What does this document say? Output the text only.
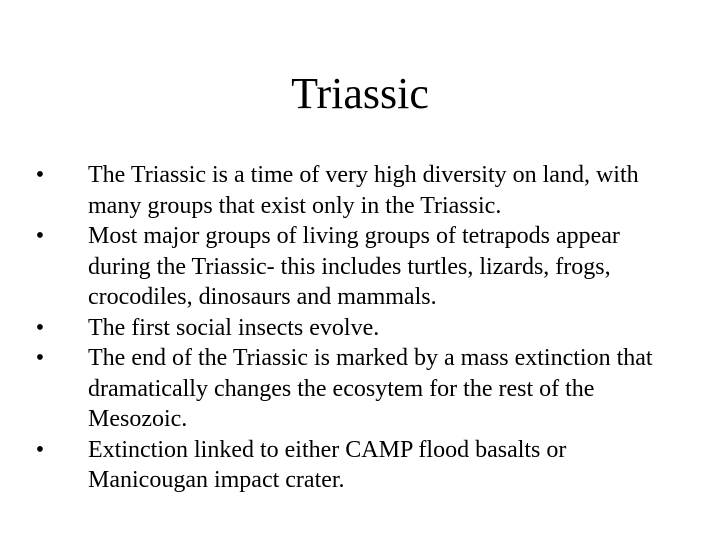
Triassic
• The Triassic is a time of very high diversity on land, with many groups that exist only in the Triassic.
• Most major groups of living groups of tetrapods appear during the Triassic- this includes turtles, lizards, frogs, crocodiles, dinosaurs and mammals.
• The first social insects evolve.
• The end of the Triassic is marked by a mass extinction that dramatically changes the ecosytem for the rest of the Mesozoic.
• Extinction linked to either CAMP flood basalts or Manicougan impact crater.
